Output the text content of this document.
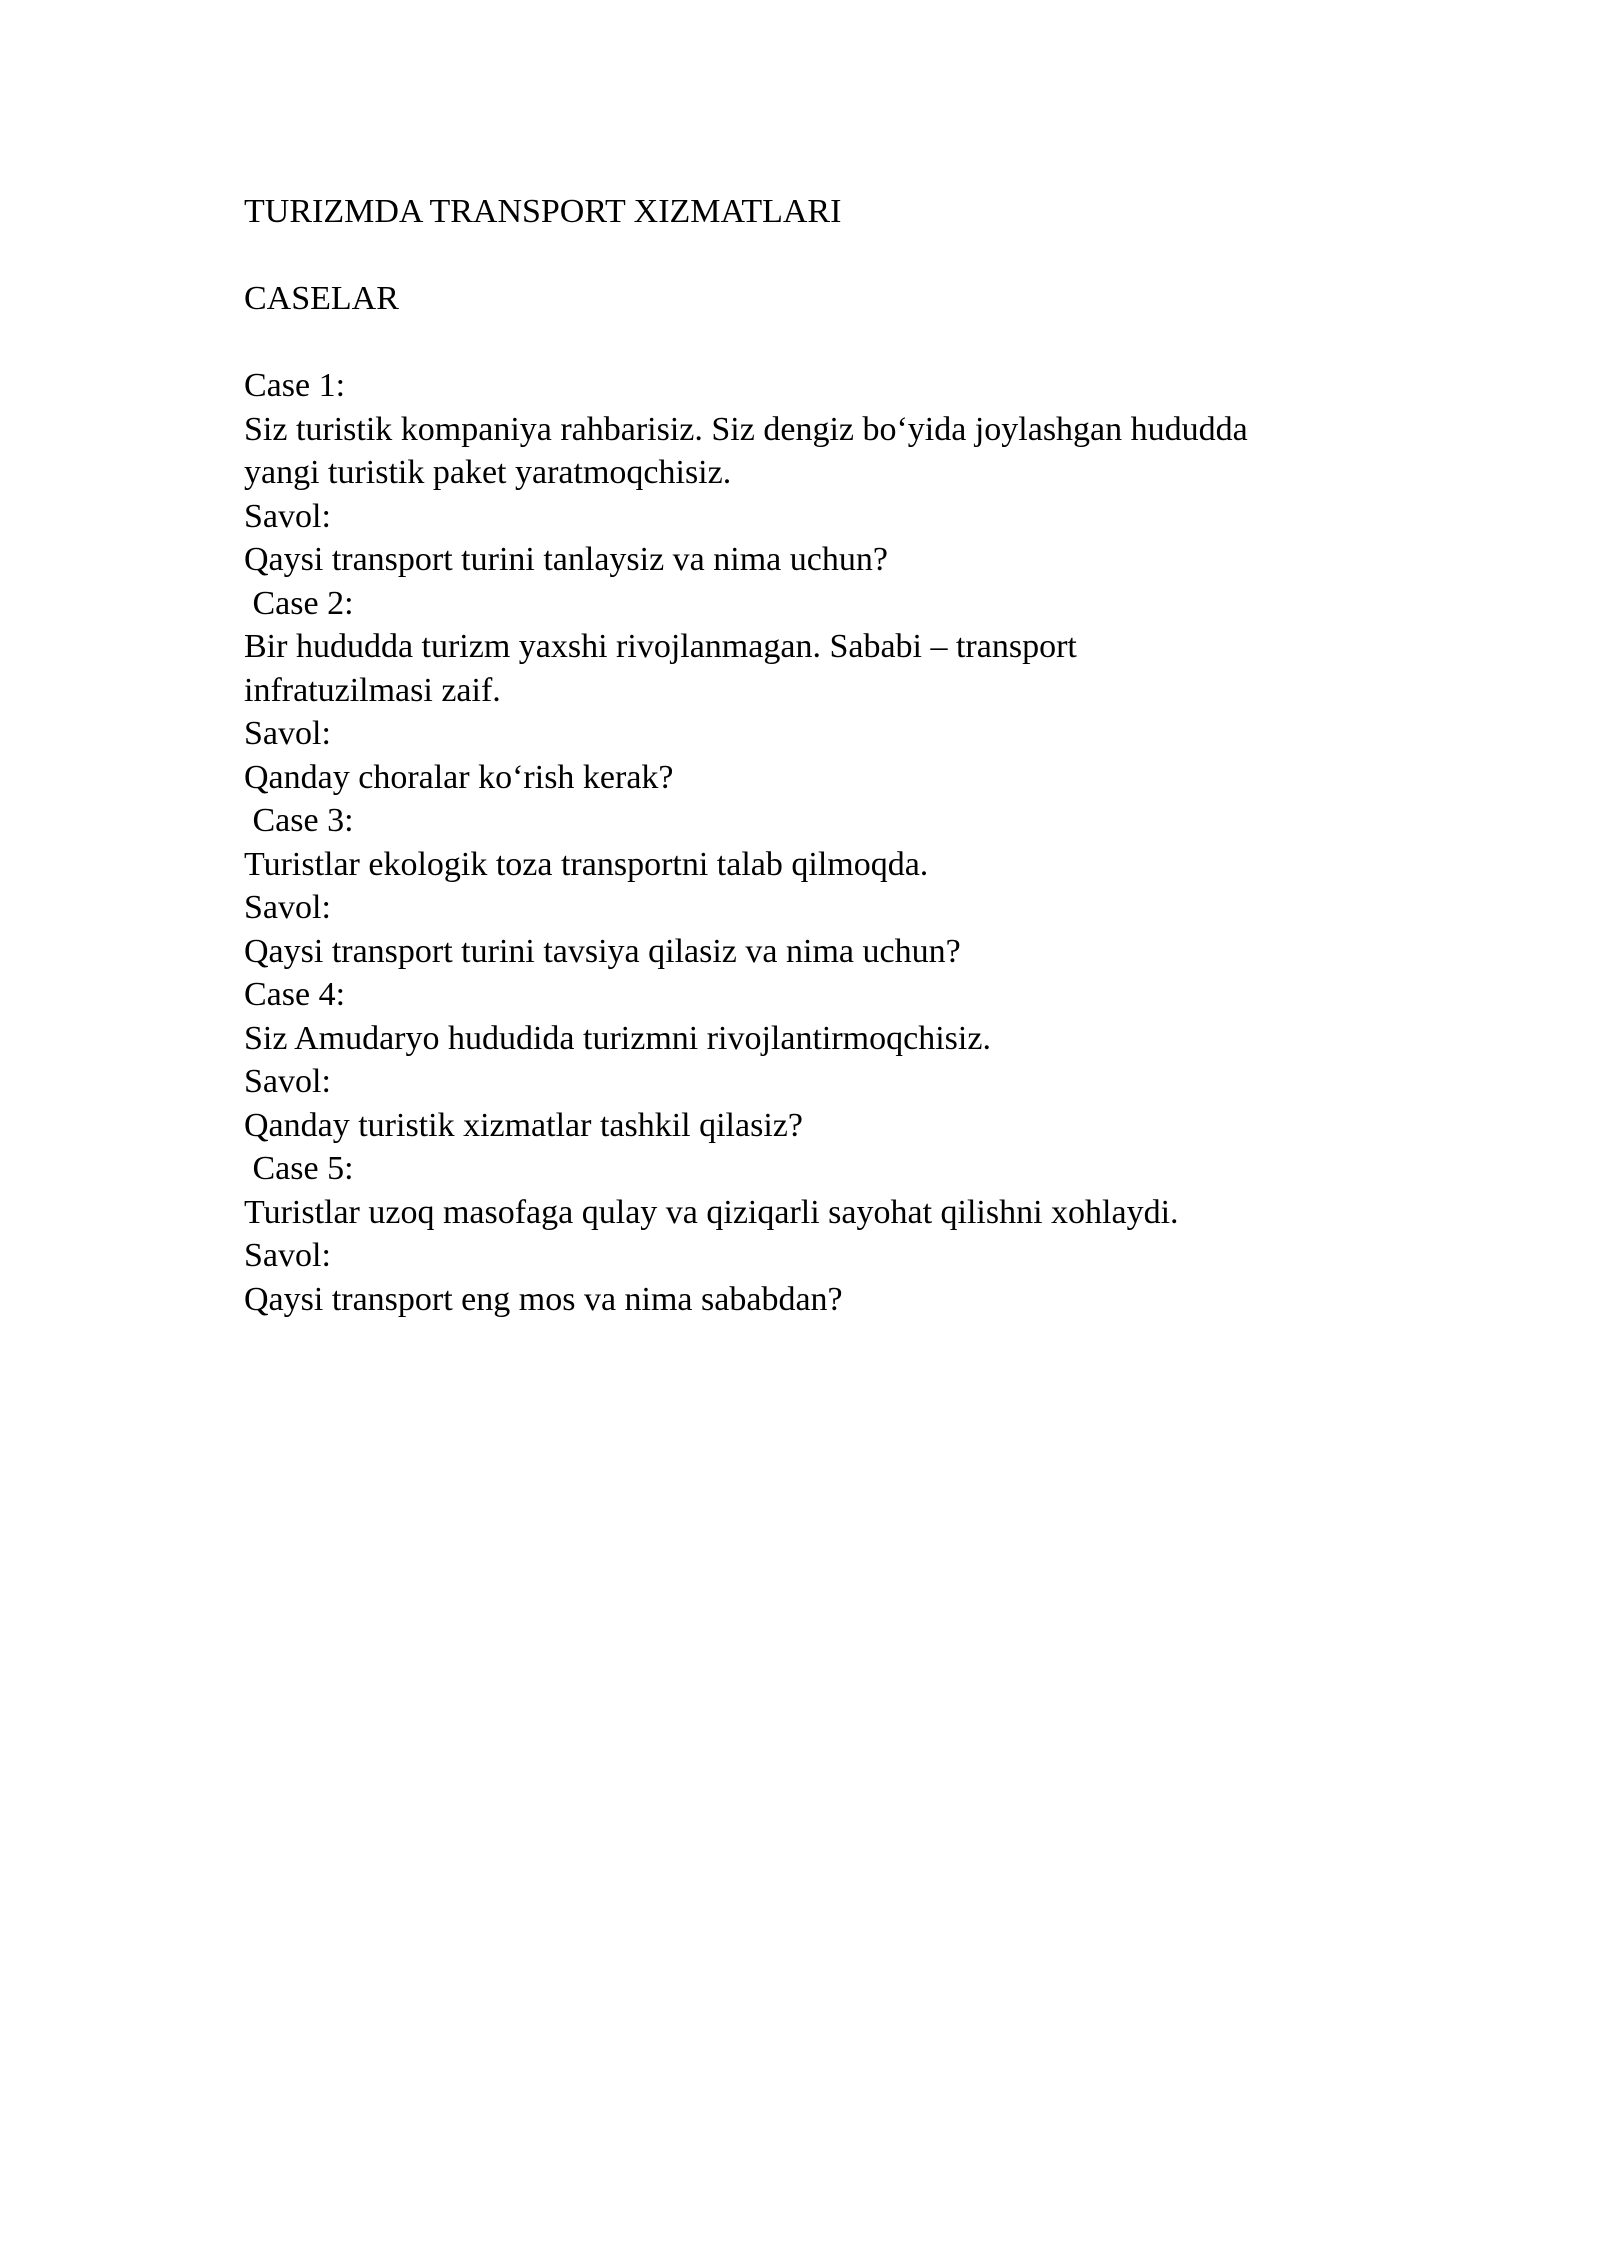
TURIZMDA TRANSPORT XIZMATLARI
CASELAR
Case 1:
Siz turistik kompaniya rahbarisiz. Siz dengiz bo‘yida joylashgan hududda
yangi turistik paket yaratmoqchisiz.
Savol:
Qaysi transport turini tanlaysiz va nima uchun?
Case 2:
Bir hududda turizm yaxshi rivojlanmagan. Sababi – transport
infratuzilmasi zaif.
Savol:
Qanday choralar ko‘rish kerak?
Case 3:
Turistlar ekologik toza transportni talab qilmoqda.
Savol:
Qaysi transport turini tavsiya qilasiz va nima uchun?
Case 4:
Siz Amudaryo hududida turizmni rivojlantirmoqchisiz.
Savol:
Qanday turistik xizmatlar tashkil qilasiz?
Case 5:
Turistlar uzoq masofaga qulay va qiziqarli sayohat qilishni xohlaydi.
Savol:
Qaysi transport eng mos va nima sababdan?
